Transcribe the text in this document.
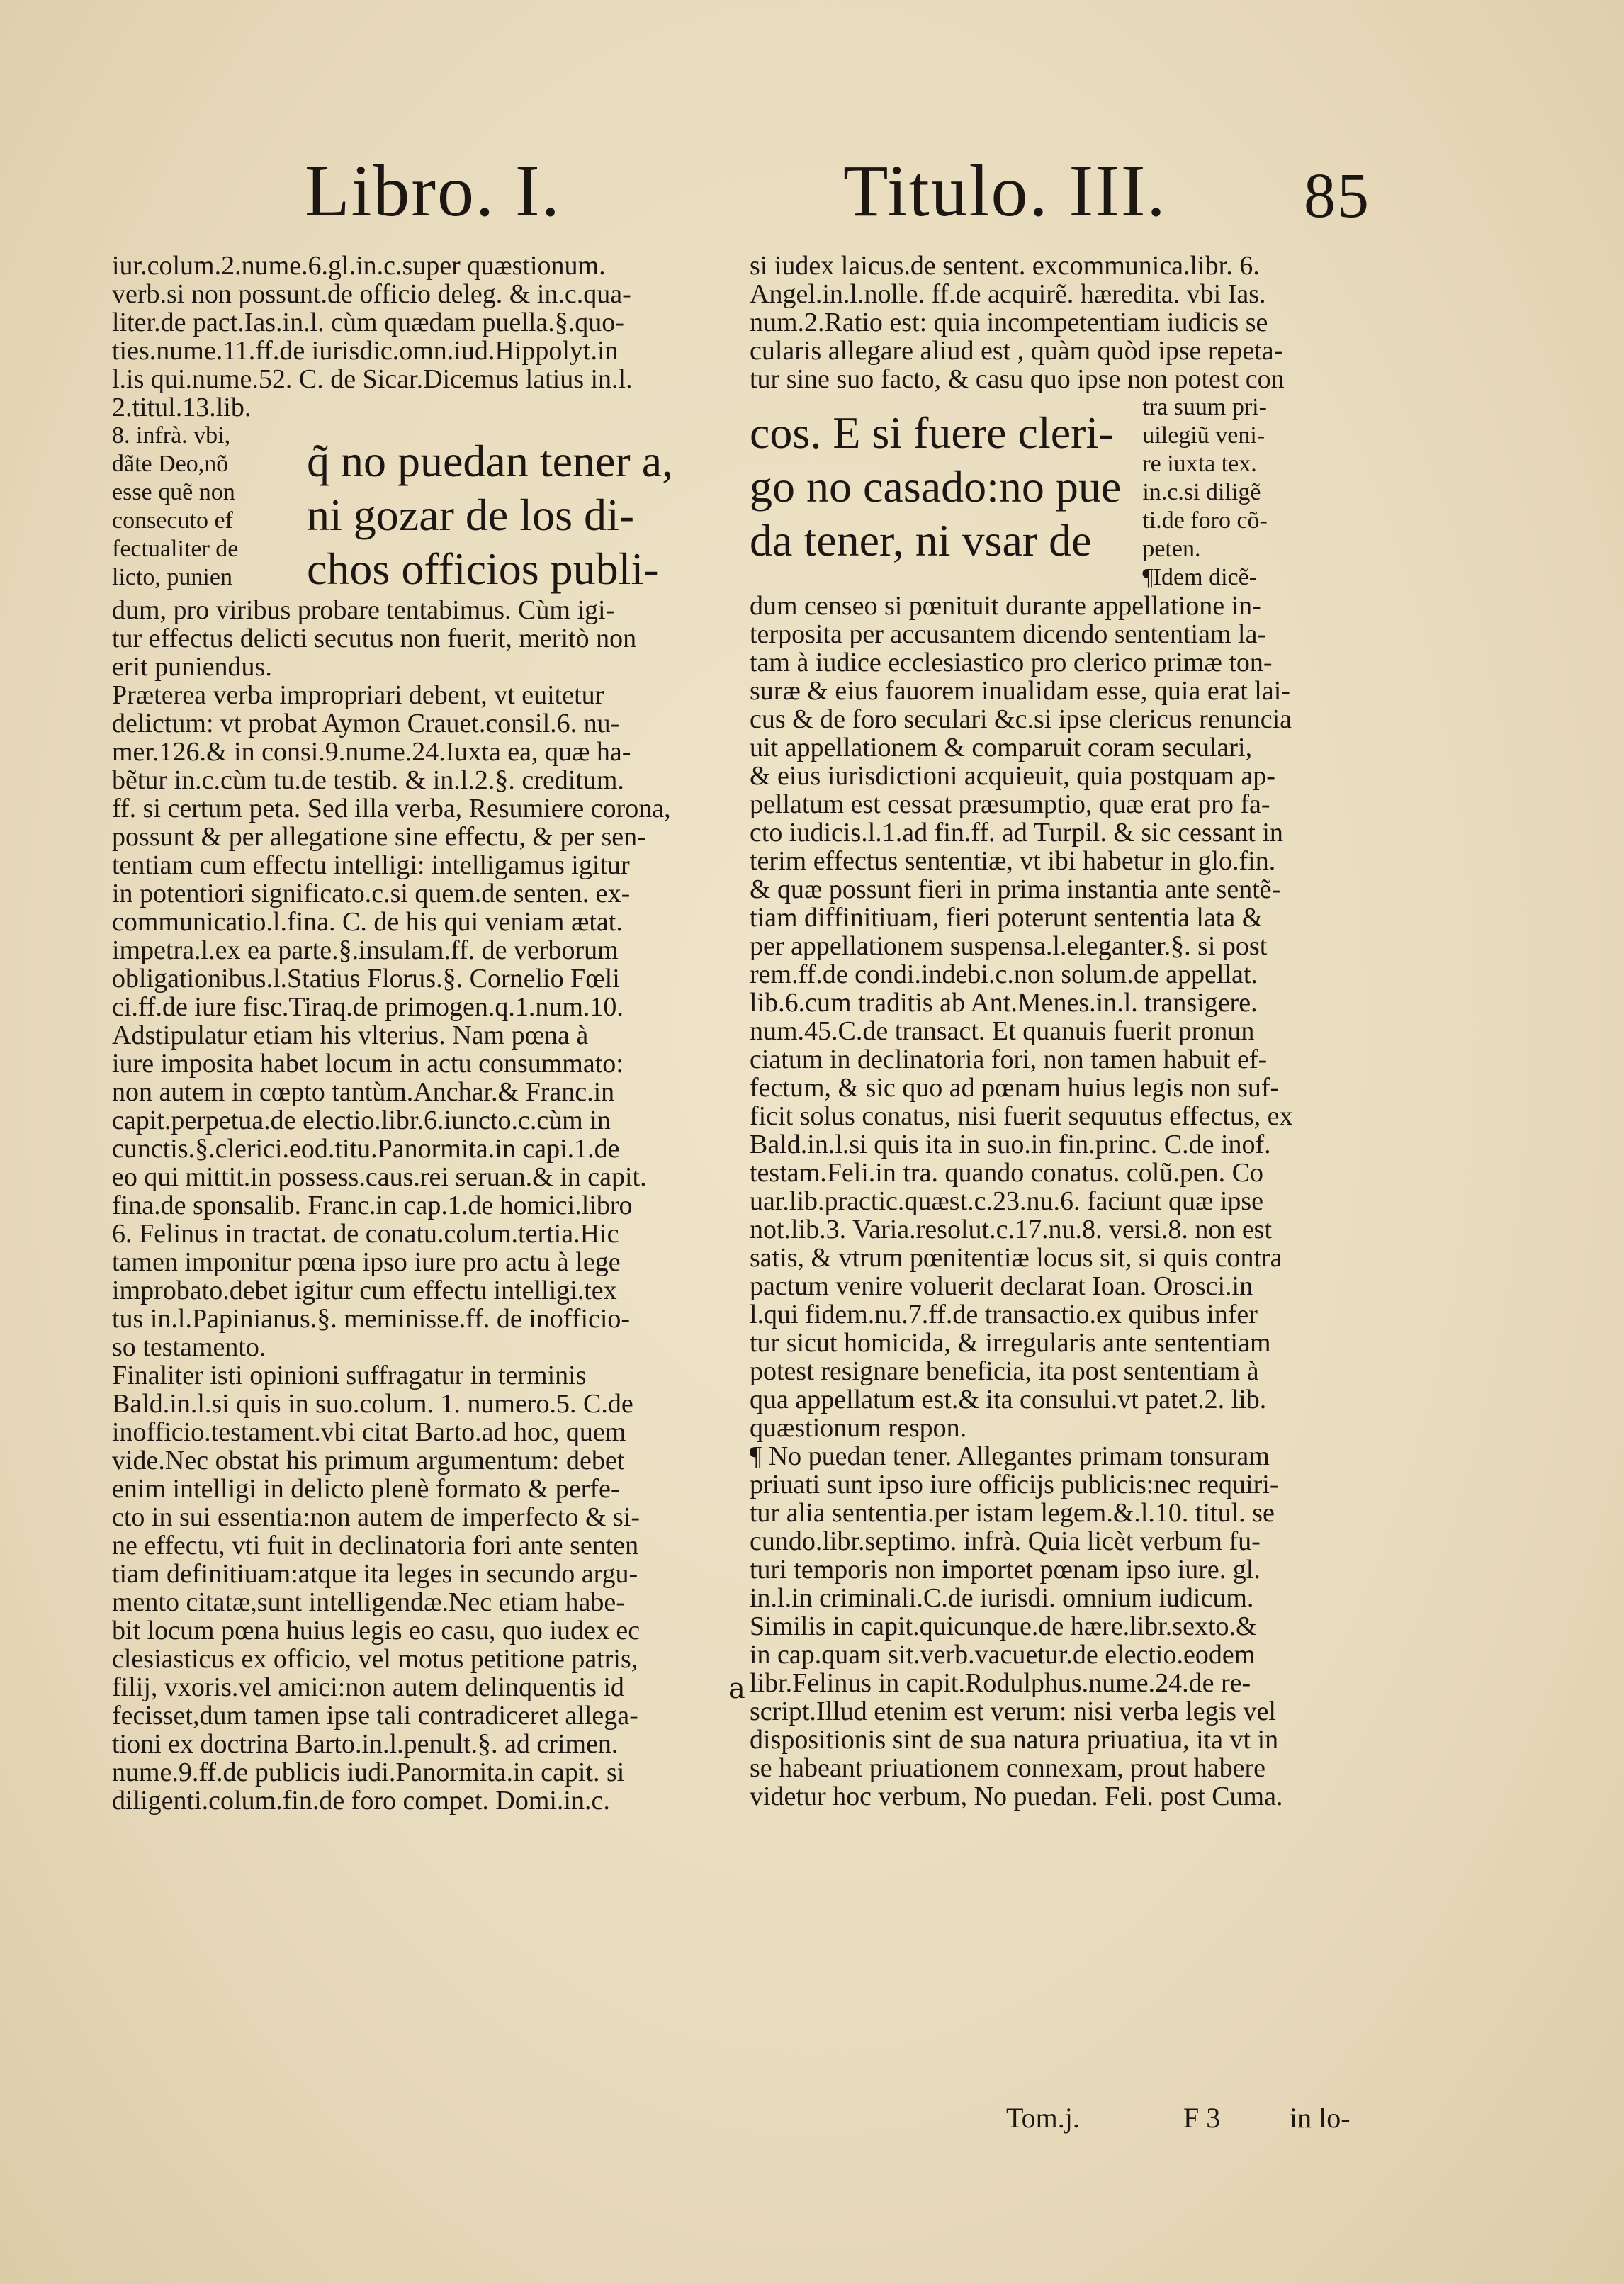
Libro. I.	Titulo. III. 85

iur.colum.2.nume.6.gl.in.c.super quæstionum.
verb.si non possunt.de officio deleg. & in.c.qua-
liter.de pact.Ias.in.l. cùm quædam puella.§.quo-
ties.nume.11.ff.de iurisdic.omn.iud.Hippolyt.in
l.is qui.nume.52. C. de Sicar.Dicemus latius in.l.
2.titul.13.lib.

8. infrà. vbi,
dãte Deo,nõ
esse quẽ non
consecuto ef
fectualiter de
licto, punien
q̃ no puedan tener a,
ni gozar de los di-
chos officios publi-

dum, pro viribus probare tentabimus. Cùm igi-
tur effectus delicti secutus non fuerit, meritò non
erit puniendus.
Præterea verba impropriari debent, vt euitetur
delictum: vt probat Aymon Crauet.consil.6. nu-
mer.126.& in consi.9.nume.24.Iuxta ea, quæ ha-
bẽtur in.c.cùm tu.de testib. & in.l.2.§. creditum.
ff. si certum peta. Sed illa verba, Resumiere corona,
possunt & per allegatione sine effectu, & per sen-
tentiam cum effectu intelligi: intelligamus igitur
in potentiori significato.c.si quem.de senten. ex-
communicatio.l.fina. C. de his qui veniam ætat.
impetra.l.ex ea parte.§.insulam.ff. de verborum
obligationibus.l.Statius Florus.§. Cornelio Fœli
ci.ff.de iure fisc.Tiraq.de primogen.q.1.num.10.
Adstipulatur etiam his vlterius. Nam pœna à
iure imposita habet locum in actu consummato:
non autem in cœpto tantùm.Anchar.& Franc.in
capit.perpetua.de electio.libr.6.iuncto.c.cùm in
cunctis.§.clerici.eod.titu.Panormita.in capi.1.de
eo qui mittit.in possess.caus.rei seruan.& in capit.
fina.de sponsalib. Franc.in cap.1.de homici.libro
6. Felinus in tractat. de conatu.colum.tertia.Hic
tamen imponitur pœna ipso iure pro actu à lege
improbato.debet igitur cum effectu intelligi.tex
tus in.l.Papinianus.§. meminisse.ff. de inofficio-
so testamento.
Finaliter isti opinioni suffragatur in terminis
Bald.in.l.si quis in suo.colum. 1. numero.5. C.de
inofficio.testament.vbi citat Barto.ad hoc, quem
vide.Nec obstat his primum argumentum: debet
enim intelligi in delicto plenè formato & perfe-
cto in sui essentia:non autem de imperfecto & si-
ne effectu, vti fuit in declinatoria fori ante senten
tiam definitiuam:atque ita leges in secundo argu-
mento citatæ,sunt intelligendæ.Nec etiam habe-
bit locum pœna huius legis eo casu, quo iudex ec
clesiasticus ex officio, vel motus petitione patris,
filij, vxoris.vel amici:non autem delinquentis id
fecisset,dum tamen ipse tali contradiceret allega-
tioni ex doctrina Barto.in.l.penult.§. ad crimen.
nume.9.ff.de publicis iudi.Panormita.in capit. si
diligenti.colum.fin.de foro compet. Domi.in.c.

si iudex laicus.de sentent. excommunica.libr. 6.
Angel.in.l.nolle. ff.de acquirẽ. hæredita. vbi Ias.
num.2.Ratio est: quia incompetentiam iudicis se
cularis allegare aliud est , quàm quòd ipse repeta-
tur sine suo facto, & casu quo ipse non potest con

cos. E si fuere cleri-
go no casado:no pue
da tener, ni vsar de
tra suum pri-
uilegiũ veni-
re iuxta tex.
in.c.si diligẽ
ti.de foro cõ-
peten.
¶Idem dicẽ-

dum censeo si pœnituit durante appellatione in-
terposita per accusantem dicendo sententiam la-
tam à iudice ecclesiastico pro clerico primæ ton-
suræ & eius fauorem inualidam esse, quia erat lai-
cus & de foro seculari &c.si ipse clericus renuncia
uit appellationem & comparuit coram seculari,
& eius iurisdictioni acquieuit, quia postquam ap-
pellatum est cessat præsumptio, quæ erat pro fa-
cto iudicis.l.1.ad fin.ff. ad Turpil. & sic cessant in
terim effectus sententiæ, vt ibi habetur in glo.fin.
& quæ possunt fieri in prima instantia ante sentẽ-
tiam diffinitiuam, fieri poterunt sententia lata &
per appellationem suspensa.l.eleganter.§. si post
rem.ff.de condi.indebi.c.non solum.de appellat.
lib.6.cum traditis ab Ant.Menes.in.l. transigere.
num.45.C.de transact. Et quanuis fuerit pronun
ciatum in declinatoria fori, non tamen habuit ef-
fectum, & sic quo ad pœnam huius legis non suf-
ficit solus conatus, nisi fuerit sequutus effectus, ex
Bald.in.l.si quis ita in suo.in fin.princ. C.de inof.
testam.Feli.in tra. quando conatus. colũ.pen. Co
uar.lib.practic.quæst.c.23.nu.6. faciunt quæ ipse
not.lib.3. Varia.resolut.c.17.nu.8. versi.8. non est
satis, & vtrum pœnitentiæ locus sit, si quis contra
pactum venire voluerit declarat Ioan. Orosci.in
l.qui fidem.nu.7.ff.de transactio.ex quibus infer
tur sicut homicida, & irregularis ante sententiam
potest resignare beneficia, ita post sententiam à
qua appellatum est.& ita consului.vt patet.2. lib.
quæstionum respon.
¶ No puedan tener. Allegantes primam tonsuram
priuati sunt ipso iure officijs publicis:nec requiri-
tur alia sententia.per istam legem.&.l.10. titul. se
cundo.libr.septimo. infrà. Quia licèt verbum fu-
turi temporis non importet pœnam ipso iure. gl.
in.l.in criminali.C.de iurisdi. omnium iudicum.
Similis in capit.quicunque.de hære.libr.sexto.&
in cap.quam sit.verb.vacuetur.de electio.eodem
libr.Felinus in capit.Rodulphus.nume.24.de re-
script.Illud etenim est verum: nisi verba legis vel
dispositionis sint de sua natura priuatiua, ita vt in
se habeant priuationem connexam, prout habere
videtur hoc verbum, No puedan. Feli. post Cuma.

a
Tom.j.	F 3 in lo-
